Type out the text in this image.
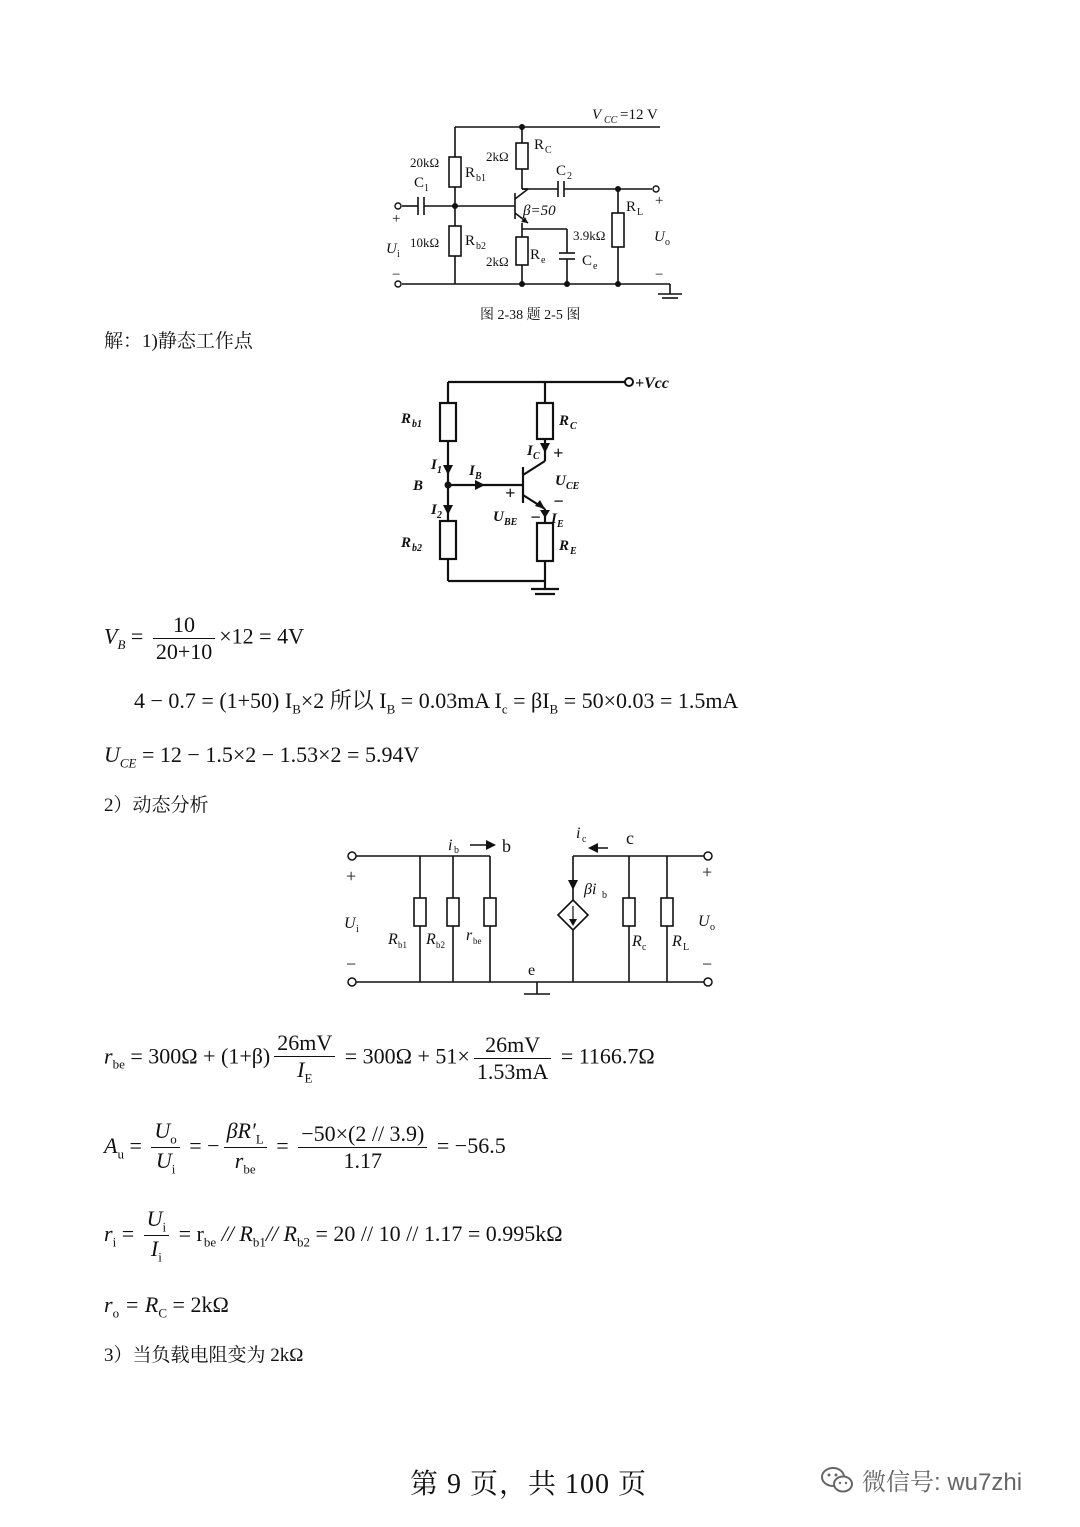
V CC =12 V
20kΩ
R b1
C 1
10kΩ R b2
2kΩ
R C
C 2
β=50
2kΩ R e
3.9kΩ
C e
R L
+
U i
−
+
U o
−
图 2-38 题 2-5 图
解：1)静态工作点
+Vcc
R b1
R b2
R C
R E
I 1
B
I 2
I B
I C +
U CE
−
+
U BE − I E
$V_B = \frac{10}{20+10} \times 12 = 4V$
4 − 0.7 = (1+50) $I_B\times 2$ 所以 $I_B = 0.03mA$ $I_c = \beta I_B = 50\times 0.03 = 1.5mA$
$U_{CE} = 12 - 1.5\times 2 - 1.53\times 2 = 5.94V$
2）动态分析
i b b
i c c
βi b
R b1 R b2
r be	R c R L
e
+
U i
−
+
U o
−
$r_{be} = 300\Omega + (1+\beta) \frac{26mV}{I_E} = 300\Omega + 51\times \frac{26mV}{1.53mA} = 1166.7\Omega$
$A_u = \frac{U_o}{U_i}$ = − $\frac{\beta R'_L}{r_{be}} = \frac{-50\times(2 // 3.9)}{1.17} = -56.5$
$r_i = \frac{U_i}{I_i} = r_{be} // R_{b1}//$ $R_{b2} = 20 // 10 // 1.17 = 0.995k\Omega$
$r_o = R_C = 2k\Omega$
3）当负载电阻变为 2kΩ
第 9 页，共 100 页	微信号: wu7zhi
